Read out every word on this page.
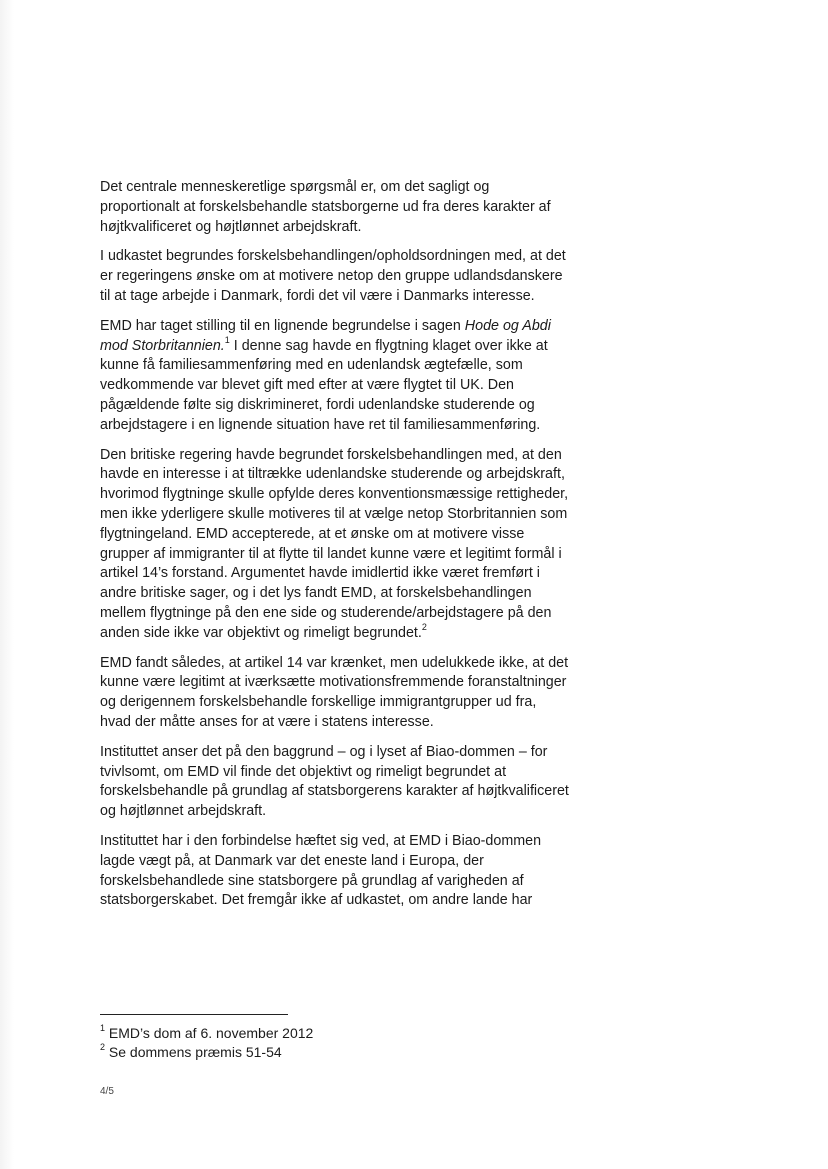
Det centrale menneskeretlige spørgsmål er, om det sagligt og proportionalt at forskelsbehandle statsborgerne ud fra deres karakter af højtkvalificeret og højtlønnet arbejdskraft.

I udkastet begrundes forskelsbehandlingen/opholdsordningen med, at det er regeringens ønske om at motivere netop den gruppe udlandsdanskere til at tage arbejde i Danmark, fordi det vil være i Danmarks interesse.

EMD har taget stilling til en lignende begrundelse i sagen Hode og Abdi mod Storbritannien.$^1$ I denne sag havde en flygtning klaget over ikke at kunne få familiesammenføring med en udenlandsk ægtefælle, som vedkommende var blevet gift med efter at være flygtet til UK. Den pågældende følte sig diskrimineret, fordi udenlandske studerende og arbejdstagere i en lignende situation have ret til familiesammenføring.

Den britiske regering havde begrundet forskelsbehandlingen med, at den havde en interesse i at tiltrække udenlandske studerende og arbejdskraft, hvorimod flygtninge skulle opfylde deres konventionsmæssige rettigheder, men ikke yderligere skulle motiveres til at vælge netop Storbritannien som flygtningeland. EMD accepterede, at et ønske om at motivere visse grupper af immigranter til at flytte til landet kunne være et legitimt formål i artikel 14’s forstand. Argumentet havde imidlertid ikke været fremført i andre britiske sager, og i det lys fandt EMD, at forskelsbehandlingen mellem flygtninge på den ene side og studerende/arbejdstagere på den anden side ikke var objektivt og rimeligt begrundet.$^2$

EMD fandt således, at artikel 14 var krænket, men udelukkede ikke, at det kunne være legitimt at iværksætte motivationsfremmende foranstaltninger og derigennem forskelsbehandle forskellige immigrantgrupper ud fra, hvad der måtte anses for at være i statens interesse.

Instituttet anser det på den baggrund – og i lyset af Biao-dommen – for tvivlsomt, om EMD vil finde det objektivt og rimeligt begrundet at forskelsbehandle på grundlag af statsborgerens karakter af højtkvalificeret og højtlønnet arbejdskraft.

Instituttet har i den forbindelse hæftet sig ved, at EMD i Biao-dommen lagde vægt på, at Danmark var det eneste land i Europa, der forskelsbehandlede sine statsborgere på grundlag af varigheden af statsborgerskabet. Det fremgår ikke af udkastet, om andre lande har

$^1$ EMD’s dom af 6. november 2012

$^2$ Se dommens præmis 51-54

4/5
